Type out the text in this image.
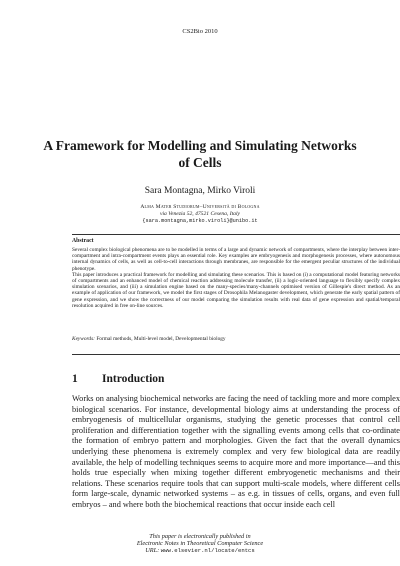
CS2Bio 2010
A Framework for Modelling and Simulating Networks of Cells
Sara Montagna, Mirko Viroli
Alma Mater Studiorum–Università di Bologna
via Venezia 52, 47521 Cesena, Italy
{sara.montagna,mirko.viroli}@unibo.it
Abstract

Several complex biological phenomena are to be modelled in terms of a large and dynamic network of compartments, where the interplay between inter-compartment and intra-compartment events plays an essential role. Key examples are embryogenesis and morphogenesis processes, where autonomous internal dynamics of cells, as well as cell-to-cell interactions through membranes, are responsible for the emergent peculiar structures of the individual phenotype.

This paper introduces a practical framework for modelling and simulating these scenarios. This is based on (i) a computational model featuring networks of compartments and an enhanced model of chemical reaction addressing molecule transfer, (ii) a logic-oriented language to flexibly specify complex simulation scenarios, and (iii) a simulation engine based on the many-species/many-channels optimised version of Gillespie's direct method. As an example of application of our framework, we model the first stages of Drosophila Melanogaster development, which generate the early spatial pattern of gene expression, and we show the correctness of our model comparing the simulation results with real data of gene expression and spatial/temporal resolution acquired in free on-line sources.

Keywords: Formal methods, Multi-level model, Developmental biology
1 Introduction

Works on analysing biochemical networks are facing the need of tackling more and more complex biological scenarios. For instance, developmental biology aims at understanding the process of embryogenesis of multicellular organisms, studying the genetic processes that control cell proliferation and differentiation together with the signalling events among cells that co-ordinate the formation of embryo pattern and morphologies. Given the fact that the overall dynamics underlying these phenomena is extremely complex and very few biological data are readily available, the help of modelling techniques seems to acquire more and more importance—and this holds true especially when mixing together different embryogenetic mechanisms and their relations. These scenarios require tools that can support multi-scale models, where different cells form large-scale, dynamic networked systems – as e.g. in tissues of cells, organs, and even full embryos – and where both the biochemical reactions that occur inside each cell

This paper is electronically published in
Electronic Notes in Theoretical Computer Science
URL: www.elsevier.nl/locate/entcs
